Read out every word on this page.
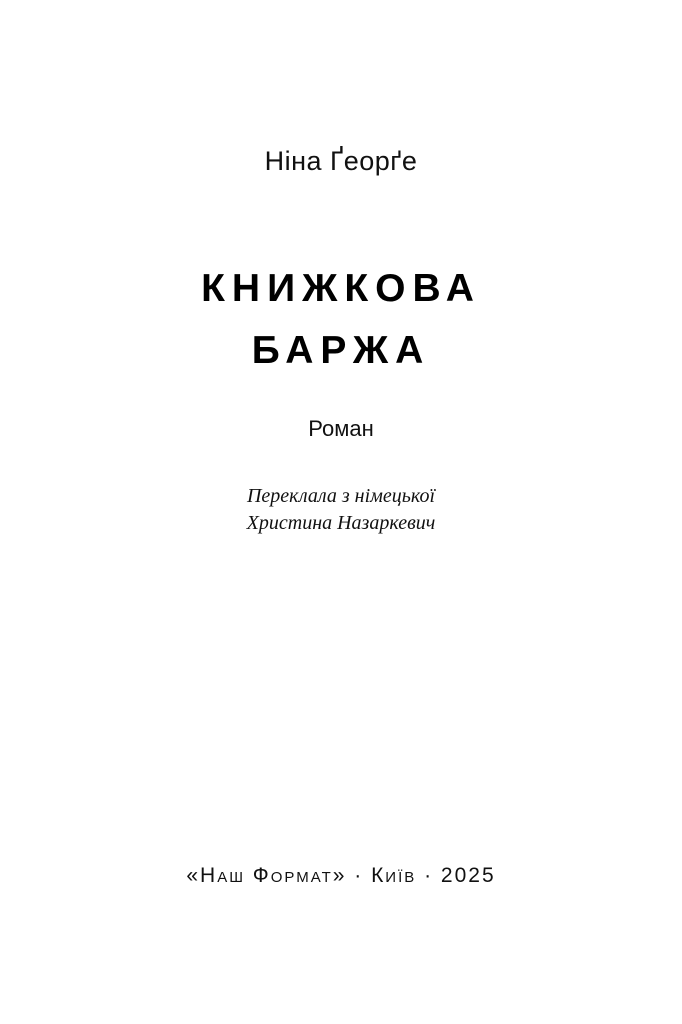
Ніна Ґеорґе
КНИЖКОВА
БАРЖА
Роман
Переклала з німецької
Христина Назаркевич
«Наш Формат» · Київ · 2025
